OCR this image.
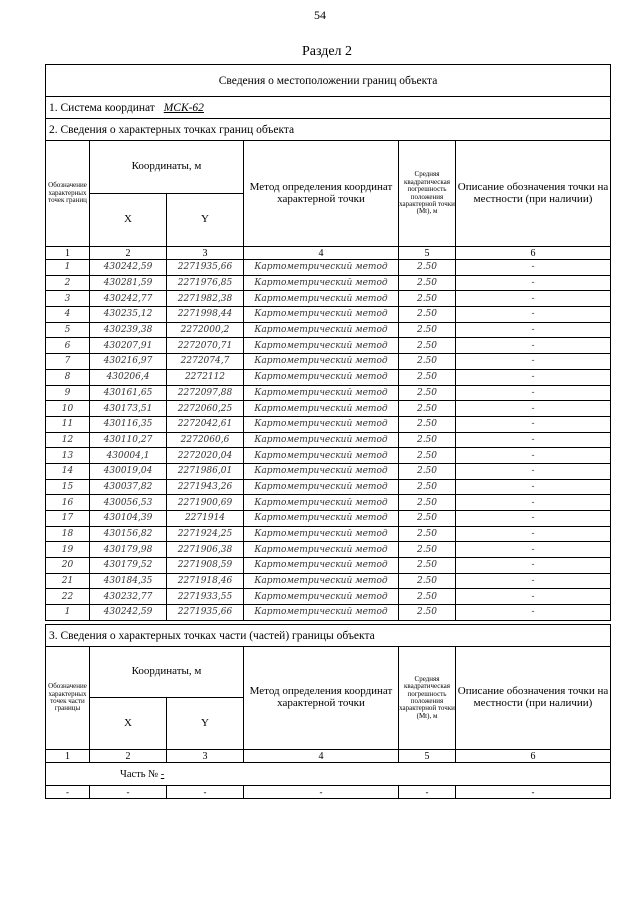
54
Раздел 2
Сведения о местоположении границ объекта					
1. Система координат МСК-62					
2. Сведения о характерных точках границ объекта					
Обозначение характерных точек границ	Координаты, м		Метод определения координат характерной точки	Средняя квадратическая погрешность положения характерной точки (Mt), м	Описание обозначения точки на местности (при наличии)
	X	Y			
1	2	3	4	5	6
1	430242,59	2271935,66	Картометрический метод	2.50	-
2	430281,59	2271976,85	Картометрический метод	2.50	-
3	430242,77	2271982,38	Картометрический метод	2.50	-
4	430235,12	2271998,44	Картометрический метод	2.50	-
5	430239,38	2272000,2	Картометрический метод	2.50	-
6	430207,91	2272070,71	Картометрический метод	2.50	-
7	430216,97	2272074,7	Картометрический метод	2.50	-
8	430206,4	2272112	Картометрический метод	2.50	-
9	430161,65	2272097,88	Картометрический метод	2.50	-
10	430173,51	2272060,25	Картометрический метод	2.50	-
11	430116,35	2272042,61	Картометрический метод	2.50	-
12	430110,27	2272060,6	Картометрический метод	2.50	-
13	430004,1	2272020,04	Картометрический метод	2.50	-
14	430019,04	2271986,01	Картометрический метод	2.50	-
15	430037,82	2271943,26	Картометрический метод	2.50	-
16	430056,53	2271900,69	Картометрический метод	2.50	-
17	430104,39	2271914	Картометрический метод	2.50	-
18	430156,82	2271924,25	Картометрический метод	2.50	-
19	430179,98	2271906,38	Картометрический метод	2.50	-
20	430179,52	2271908,59	Картометрический метод	2.50	-
21	430184,35	2271918,46	Картометрический метод	2.50	-
22	430232,77	2271933,55	Картометрический метод	2.50	-
1	430242,59	2271935,66	Картометрический метод	2.50	-
3. Сведения о характерных точках части (частей) границы объекта					
Обозначение характерных точек части границы	Координаты, м		Метод определения координат характерной точки	Средняя квадратическая погрешность положения характерной точки (Mt), м	Описание обозначения точки на местности (при наличии)
	X	Y			
1	2	3	4	5	6
Часть № -					
-	-	-	-	-	-
